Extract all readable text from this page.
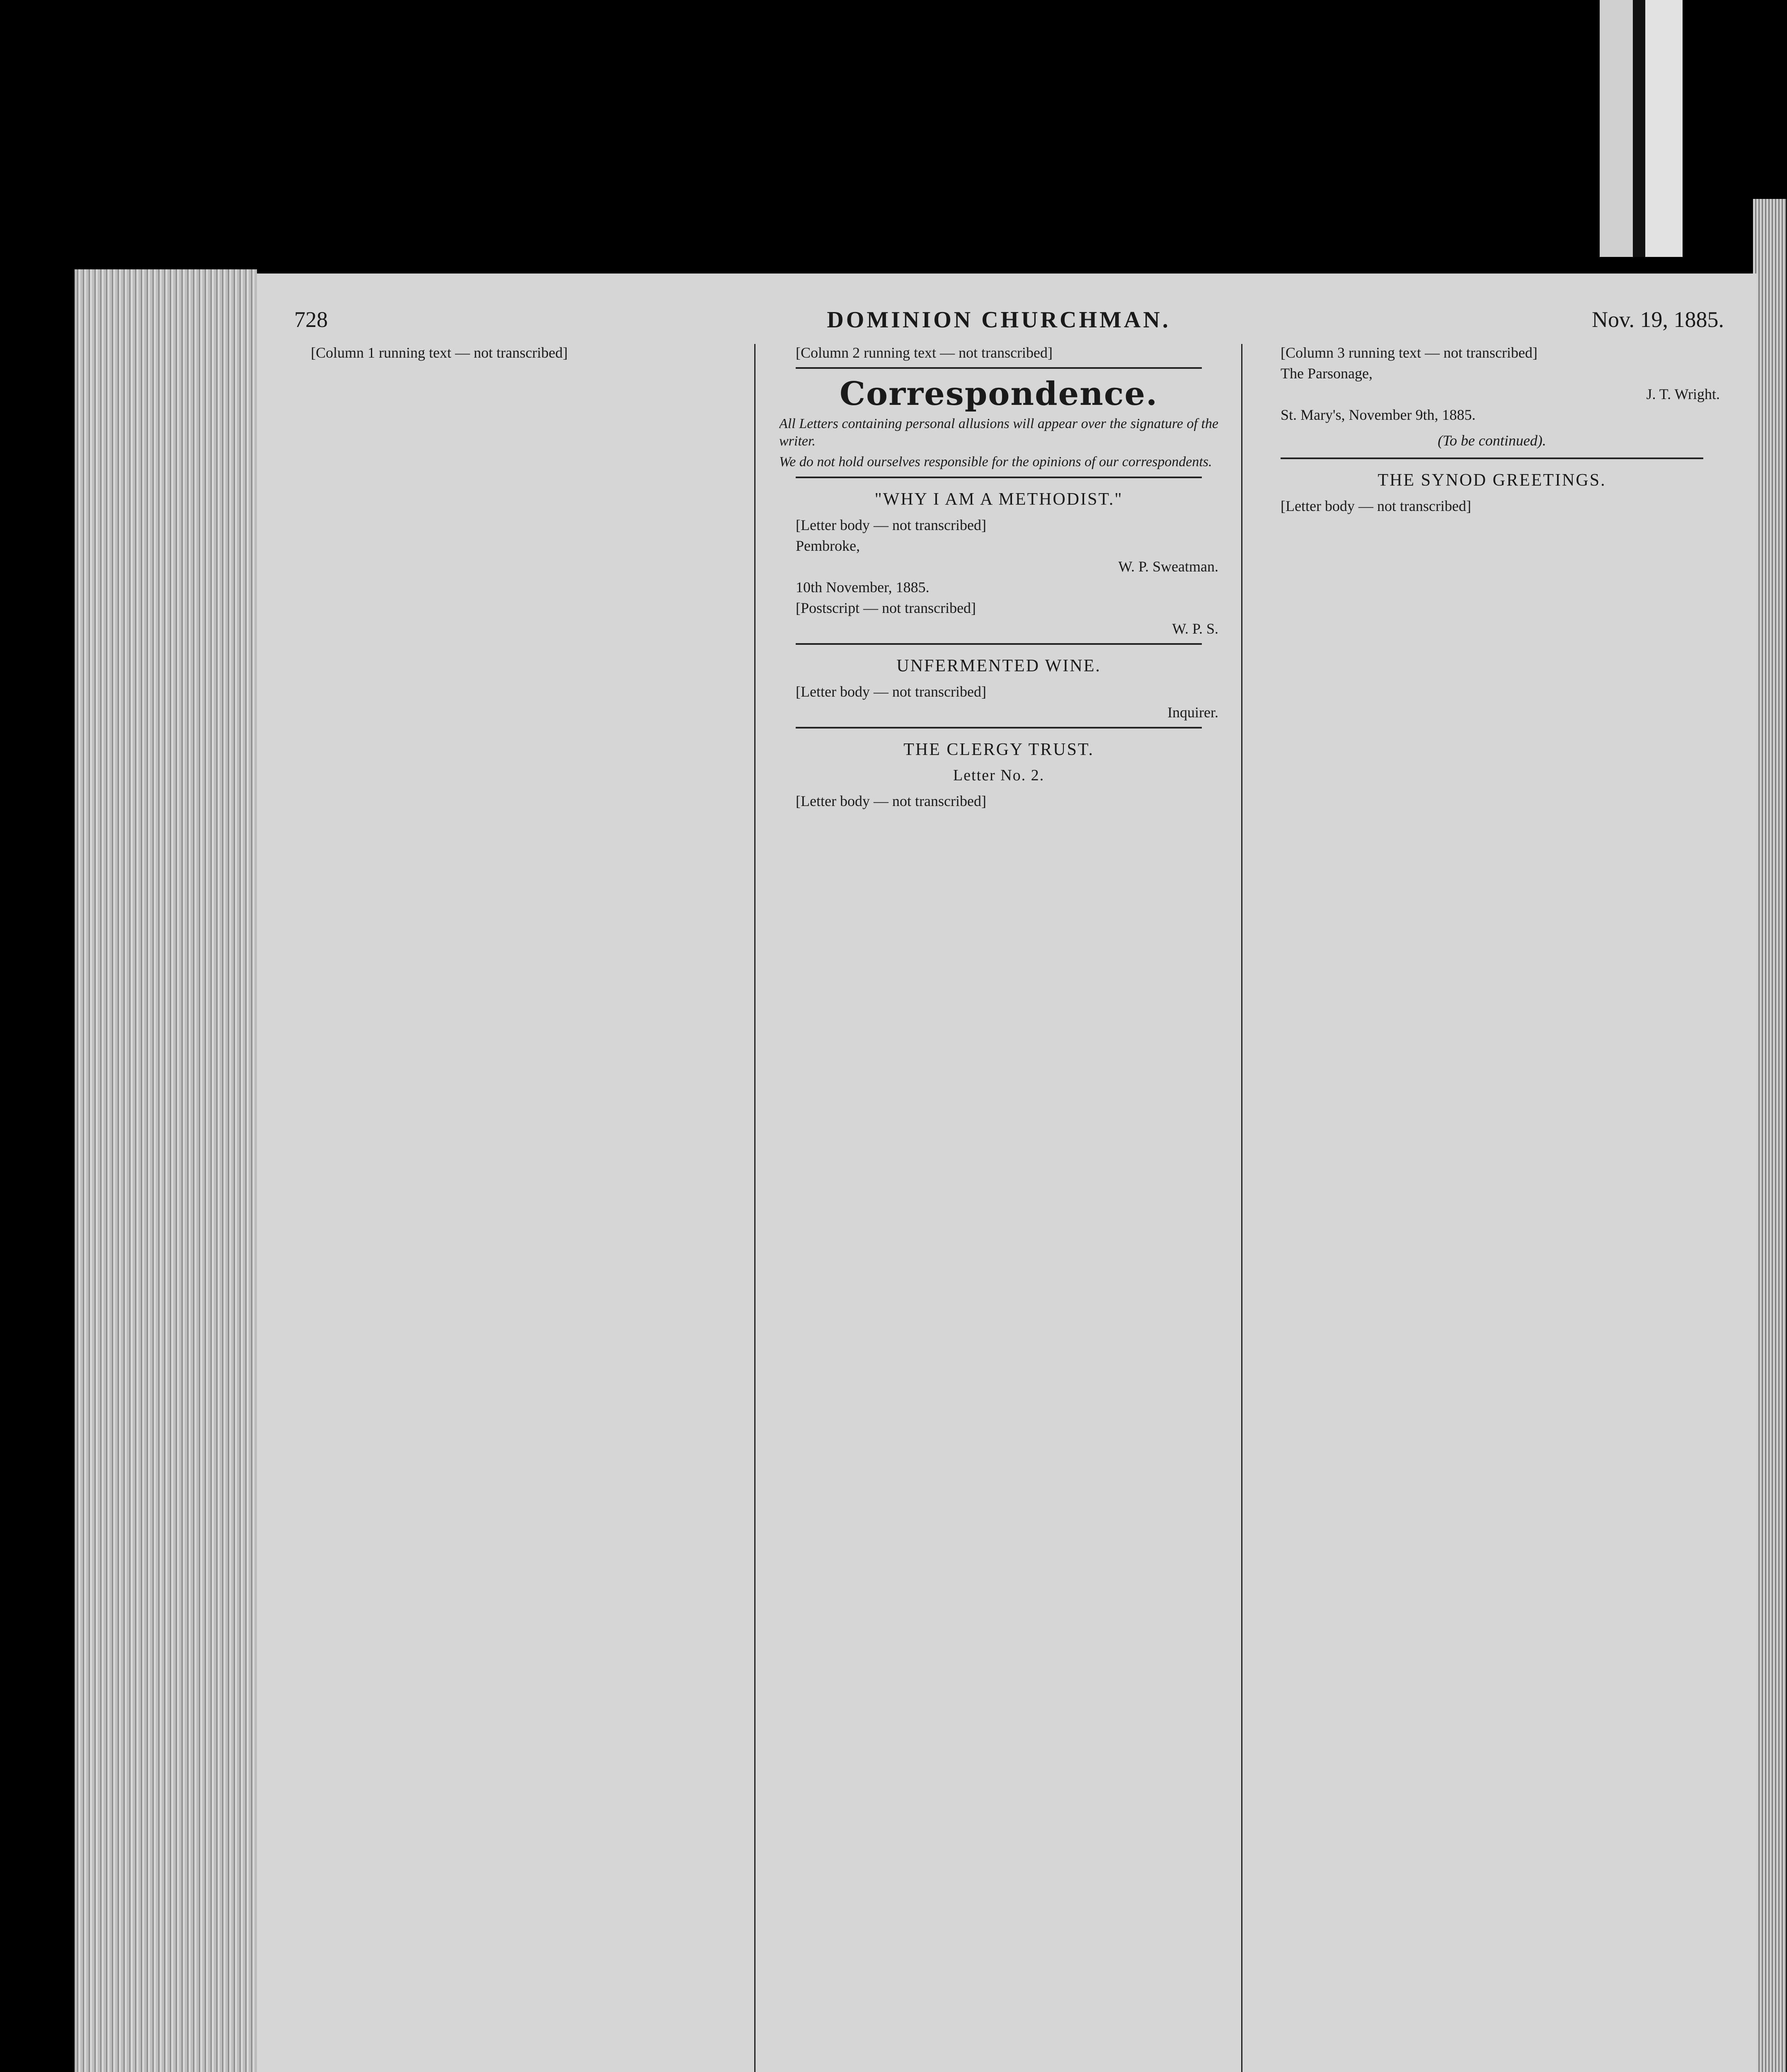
728	DOMINION CHURCHMAN.	Nov. 19, 1885.

[Column 1 running text — not transcribed]	[Column 2 running text — not transcribed]

Correspondence.

All Letters containing personal allusions will appear over the signature of the writer.

We do not hold ourselves responsible for the opinions of our correspondents.

"WHY I AM A METHODIST."

[Letter body — not transcribed]

Pembroke,

W. P. Sweatman.

10th November, 1885.

[Postscript — not transcribed]

W. P. S.

UNFERMENTED WINE.

[Letter body — not transcribed]

Inquirer.

THE CLERGY TRUST.
Letter No. 2.

[Letter body — not transcribed]

[Column 3 running text — not transcribed]

The Parsonage,

J. T. Wright.

St. Mary's, November 9th, 1885.

(To be continued).
THE SYNOD GREETINGS.

[Letter body — not transcribed]
